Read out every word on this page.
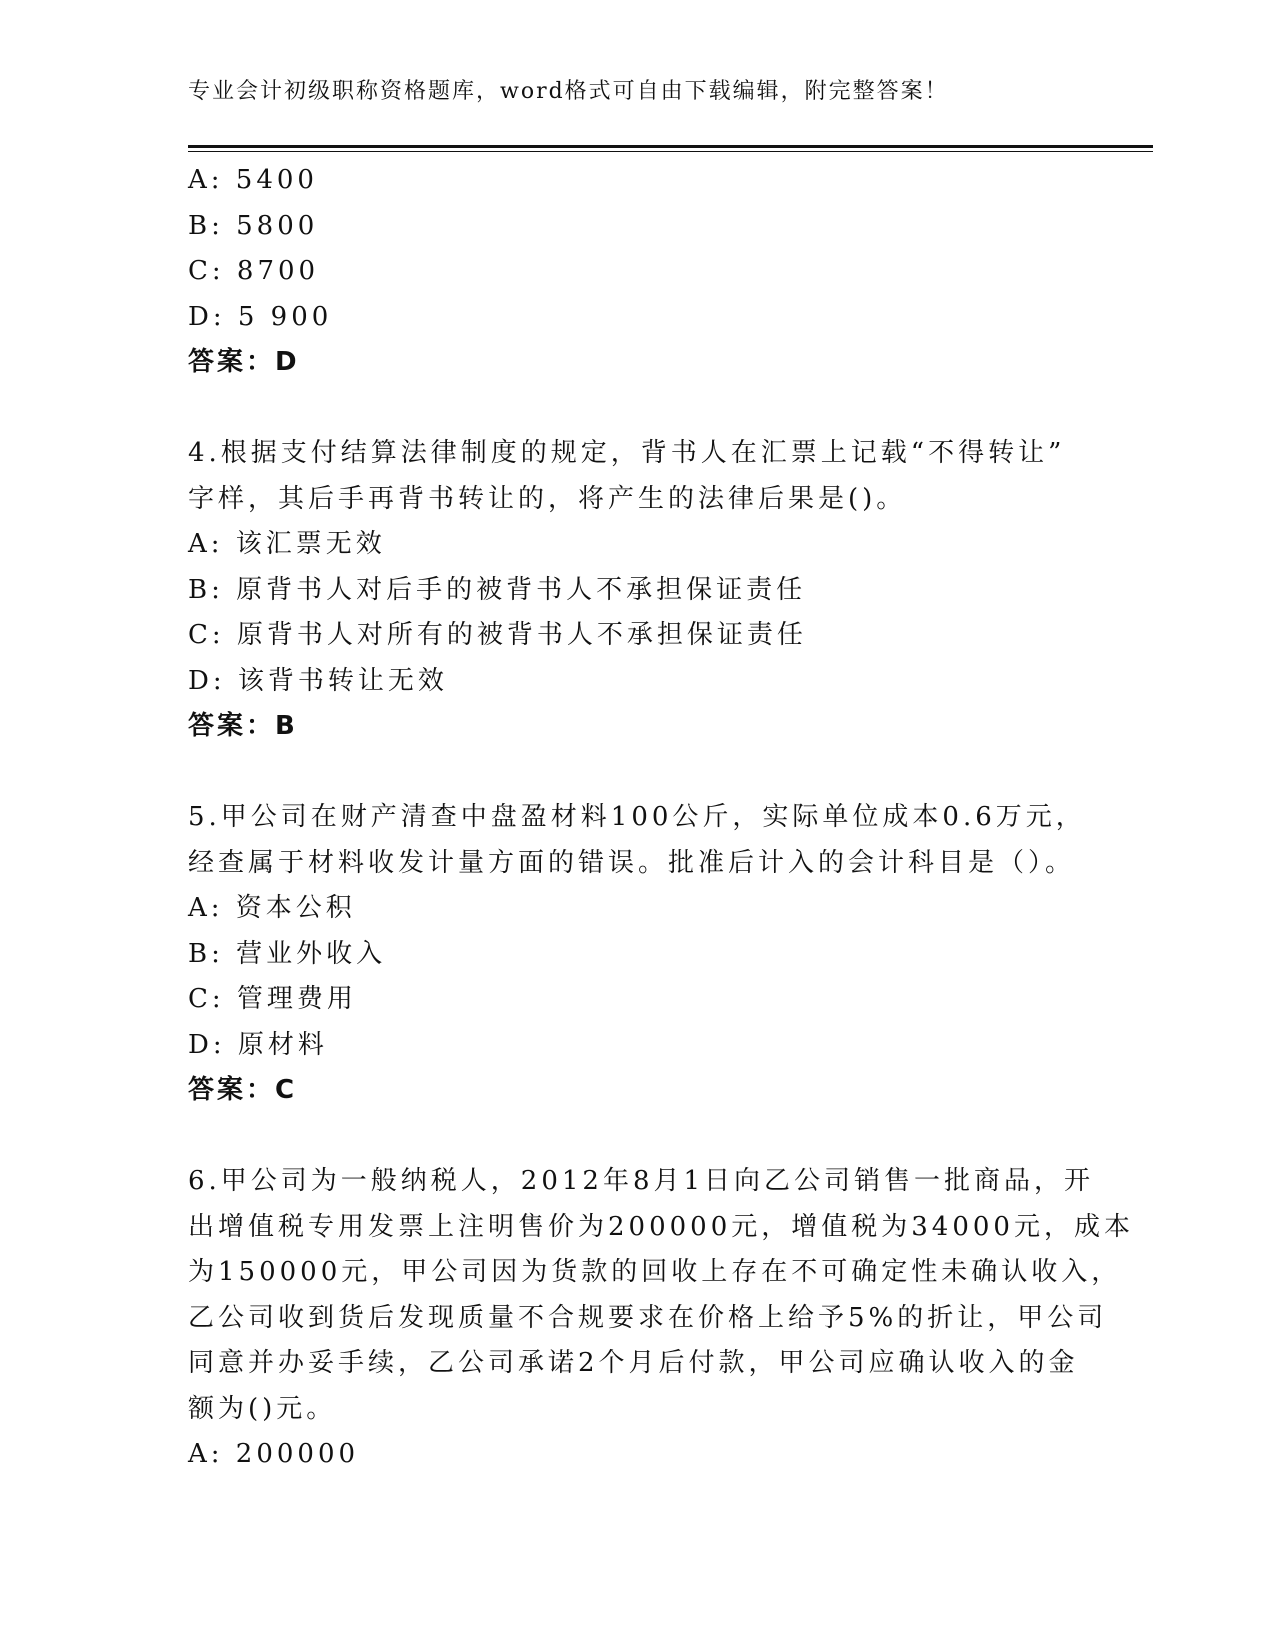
专业会计初级职称资格题库，word格式可自由下载编辑，附完整答案！
A: 5400
B: 5800
C: 8700
D: 5 900
答案：D
4.根据支付结算法律制度的规定，背书人在汇票上记载“不得转让”
字样，其后手再背书转让的，将产生的法律后果是()。
A: 该汇票无效
B: 原背书人对后手的被背书人不承担保证责任
C: 原背书人对所有的被背书人不承担保证责任
D: 该背书转让无效
答案：B
5.甲公司在财产清查中盘盈材料100公斤，实际单位成本0.6万元，
经查属于材料收发计量方面的错误。批准后计入的会计科目是（）。
A: 资本公积
B: 营业外收入
C: 管理费用
D: 原材料
答案：C
6.甲公司为一般纳税人，2012年8月1日向乙公司销售一批商品，开
出增值税专用发票上注明售价为200000元，增值税为34000元，成本
为150000元，甲公司因为货款的回收上存在不可确定性未确认收入，
乙公司收到货后发现质量不合规要求在价格上给予5%的折让，甲公司
同意并办妥手续，乙公司承诺2个月后付款，甲公司应确认收入的金
额为()元。
A: 200000
